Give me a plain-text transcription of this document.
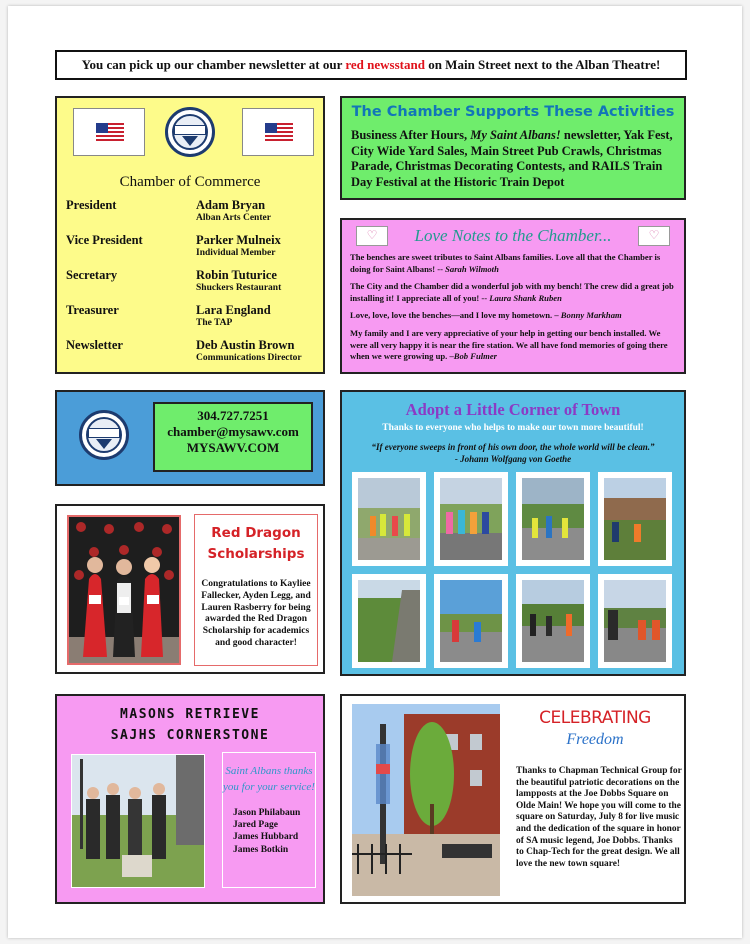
You can pick up our chamber newsletter at our red newsstand on Main Street next to the Alban Theatre!
Chamber of Commerce
President	Adam Bryan
Alban Arts Center
Vice President	Parker Mulneix
Individual Member
Secretary	Robin Tuturice
Shuckers Restaurant
Treasurer	Lara England
The TAP
Newsletter	Deb Austin Brown
Communications Director
The Chamber Supports These Activities
Business After Hours, My Saint Albans! newsletter, Yak Fest, City Wide Yard Sales, Main Street Pub Crawls, Christmas Parade, Christmas Decorating Contests, and RAILS Train Day Festival at the Historic Train Depot
♡	Love Notes to the Chamber...	♡

The benches are sweet tributes to Saint Albans families. Love all that the Chamber is doing for Saint Albans! -- Sarah Wilmoth

The City and the Chamber did a wonderful job with my bench! The crew did a great job installing it! I appreciate all of you! -- Laura Shank Ruben

Love, love, love the benches—and I love my hometown. – Bonny Markham

My family and I are very appreciative of your help in getting our bench installed. We were all very happy it is near the fire station. We all have fond memories of going there when we were growing up. –Bob Fulmer

304.727.7251
chamber@mysawv.com
MYSAWV.COM
Red Dragon
Scholarships
Congratulations to Kayliee Fallecker, Ayden Legg, and Lauren Rasberry for being awarded the Red Dragon Scholarship for academics and good character!
Adopt a Little Corner of Town
Thanks to everyone who helps to make our town more beautiful!
“If everyone sweeps in front of his own door, the whole world will be clean.”
- Johann Wolfgang von Goethe
MASONS RETRIEVE
SAJHS CORNERSTONE
Saint Albans thanks you for your service!
Jason Philabaun
Jared Page
James Hubbard
James Botkin
CELEBRATING
Freedom
Thanks to Chapman Technical Group for the beautiful patriotic decorations on the lampposts at the Joe Dobbs Square on Olde Main! We hope you will come to the square on Saturday, July 8 for live music and the dedication of the square in honor of SA music legend, Joe Dobbs. Thanks to Chap-Tech for the great design. We all love the new town square!
